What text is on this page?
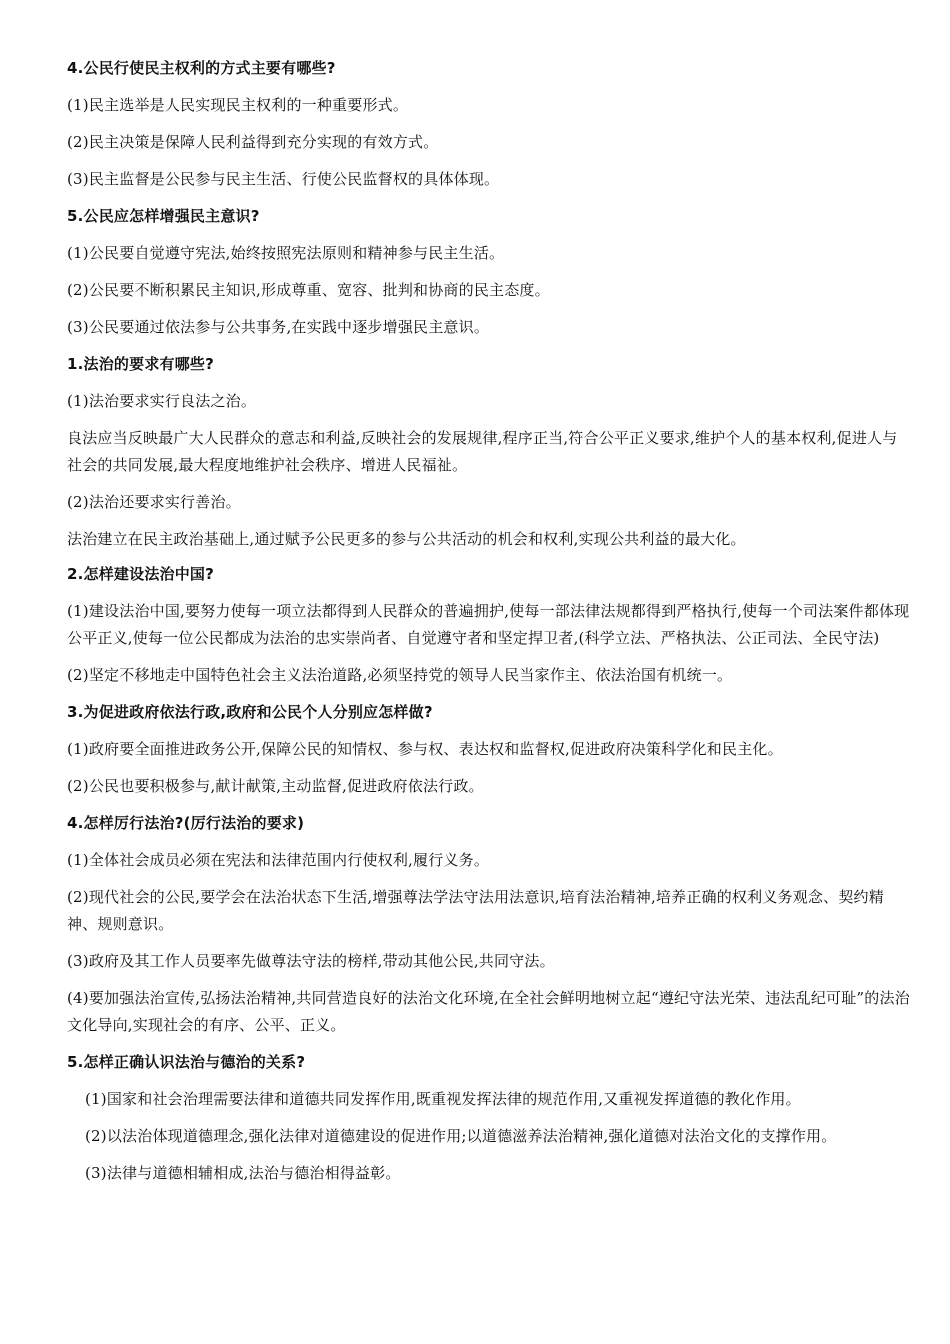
4.公民行使民主权利的方式主要有哪些?
(1)民主选举是人民实现民主权利的一种重要形式。
(2)民主决策是保障人民利益得到充分实现的有效方式。
(3)民主监督是公民参与民主生活、行使公民监督权的具体体现。
5.公民应怎样增强民主意识?
(1)公民要自觉遵守宪法,始终按照宪法原则和精神参与民主生活。
(2)公民要不断积累民主知识,形成尊重、宽容、批判和协商的民主态度。
(3)公民要通过依法参与公共事务,在实践中逐步增强民主意识。
1.法治的要求有哪些?
(1)法治要求实行良法之治。
良法应当反映最广大人民群众的意志和利益,反映社会的发展规律,程序正当,符合公平正义要求,维护个人的基本权利,促进人与社会的共同发展,最大程度地维护社会秩序、增进人民福祉。
(2)法治还要求实行善治。
法治建立在民主政治基础上,通过赋予公民更多的参与公共活动的机会和权利,实现公共利益的最大化。
2.怎样建设法治中国?
(1)建设法治中国,要努力使每一项立法都得到人民群众的普遍拥护,使每一部法律法规都得到严格执行,使每一个司法案件都体现公平正义,使每一位公民都成为法治的忠实崇尚者、自觉遵守者和坚定捍卫者,(科学立法、严格执法、公正司法、全民守法)
(2)坚定不移地走中国特色社会主义法治道路,必须坚持党的领导人民当家作主、依法治国有机统一。
3.为促进政府依法行政,政府和公民个人分别应怎样做?
(1)政府要全面推进政务公开,保障公民的知情权、参与权、表达权和监督权,促进政府决策科学化和民主化。
(2)公民也要积极参与,献计献策,主动监督,促进政府依法行政。
4.怎样厉行法治?(厉行法治的要求)
(1)全体社会成员必须在宪法和法律范围内行使权利,履行义务。
(2)现代社会的公民,要学会在法治状态下生活,增强尊法学法守法用法意识,培育法治精神,培养正确的权利义务观念、契约精神、规则意识。
(3)政府及其工作人员要率先做尊法守法的榜样,带动其他公民,共同守法。
(4)要加强法治宣传,弘扬法治精神,共同营造良好的法治文化环境,在全社会鲜明地树立起“遵纪守法光荣、违法乱纪可耻”的法治文化导向,实现社会的有序、公平、正义。
5.怎样正确认识法治与德治的关系?
(1)国家和社会治理需要法律和道德共同发挥作用,既重视发挥法律的规范作用,又重视发挥道德的教化作用。
(2)以法治体现道德理念,强化法律对道德建设的促进作用;以道德滋养法治精神,强化道德对法治文化的支撑作用。
(3)法律与道德相辅相成,法治与德治相得益彰。
